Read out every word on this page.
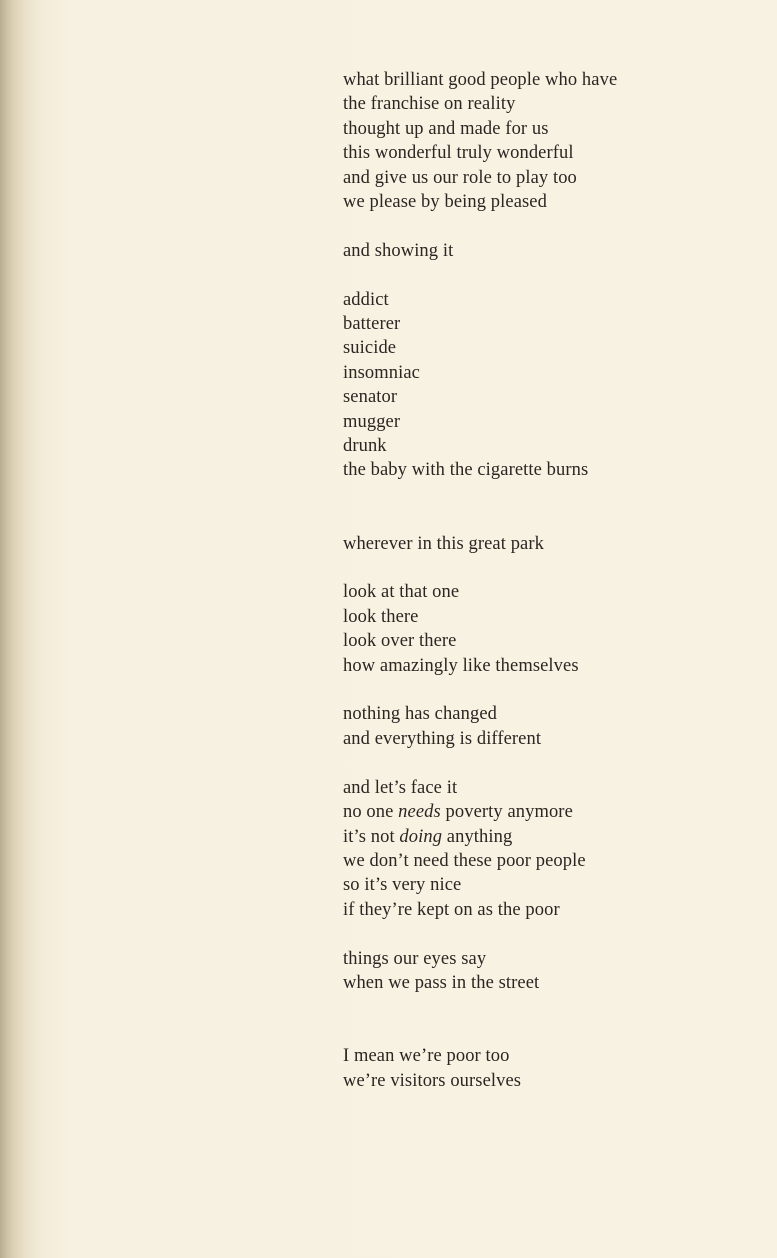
what brilliant good people who have
the franchise on reality
thought up and made for us
this wonderful truly wonderful
and give us our role to play too
we please by being pleased
and showing it
addict
batterer
suicide
insomniac
senator
mugger
drunk
the baby with the cigarette burns
wherever in this great park
look at that one
look there
look over there
how amazingly like themselves
nothing has changed
and everything is different
and let’s face it
no one needs poverty anymore
it’s not doing anything
we don’t need these poor people
so it’s very nice
if they’re kept on as the poor
things our eyes say
when we pass in the street
I mean we’re poor too
we’re visitors ourselves
